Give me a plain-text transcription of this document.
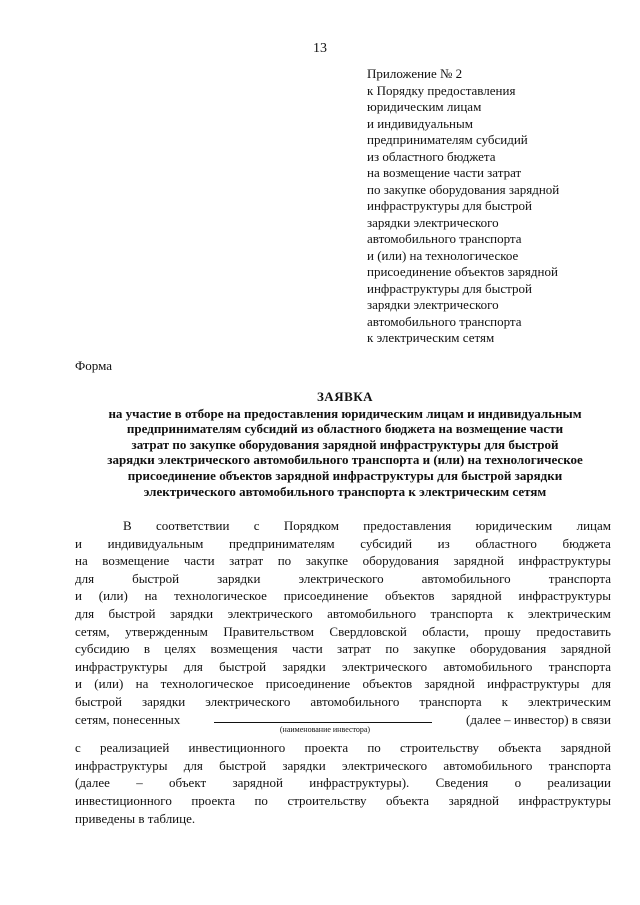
13
Приложение № 2
к Порядку предоставления
юридическим лицам
и индивидуальным
предпринимателям субсидий
из областного бюджета
на возмещение части затрат
по закупке оборудования зарядной
инфраструктуры для быстрой
зарядки электрического
автомобильного транспорта
и (или) на технологическое
присоединение объектов зарядной
инфраструктуры для быстрой
зарядки электрического
автомобильного транспорта
к электрическим сетям
Форма
ЗАЯВКА
на участие в отборе на предоставления юридическим лицам и индивидуальным
предпринимателям субсидий из областного бюджета на возмещение части
затрат по закупке оборудования зарядной инфраструктуры для быстрой
зарядки электрического автомобильного транспорта и (или) на технологическое
присоединение объектов зарядной инфраструктуры для быстрой зарядки
электрического автомобильного транспорта к электрическим сетям
В соответствии с Порядком предоставления юридическим лицам
и индивидуальным предпринимателям субсидий из областного бюджета
на возмещение части затрат по закупке оборудования зарядной инфраструктуры
для	быстрой	зарядки	электрического	автомобильного	транспорта
и (или) на технологическое присоединение объектов зарядной инфраструктуры
для быстрой зарядки электрического автомобильного транспорта к электрическим
сетям, утвержденным Правительством Свердловской области, прошу предоставить
субсидию в целях возмещения части затрат по закупке оборудования зарядной
инфраструктуры для быстрой зарядки электрического автомобильного транспорта
и (или) на технологическое присоединение объектов зарядной инфраструктуры для
быстрой зарядки электрического автомобильного транспорта к электрическим
сетям, понесенных	(далее – инвестор) в связи
(наименование инвестора)
с реализацией инвестиционного проекта по строительству объекта зарядной
инфраструктуры для быстрой зарядки электрического автомобильного транспорта
(далее – объект зарядной инфраструктуры). Сведения о реализации
инвестиционного проекта по строительству объекта зарядной инфраструктуры
приведены в таблице.
